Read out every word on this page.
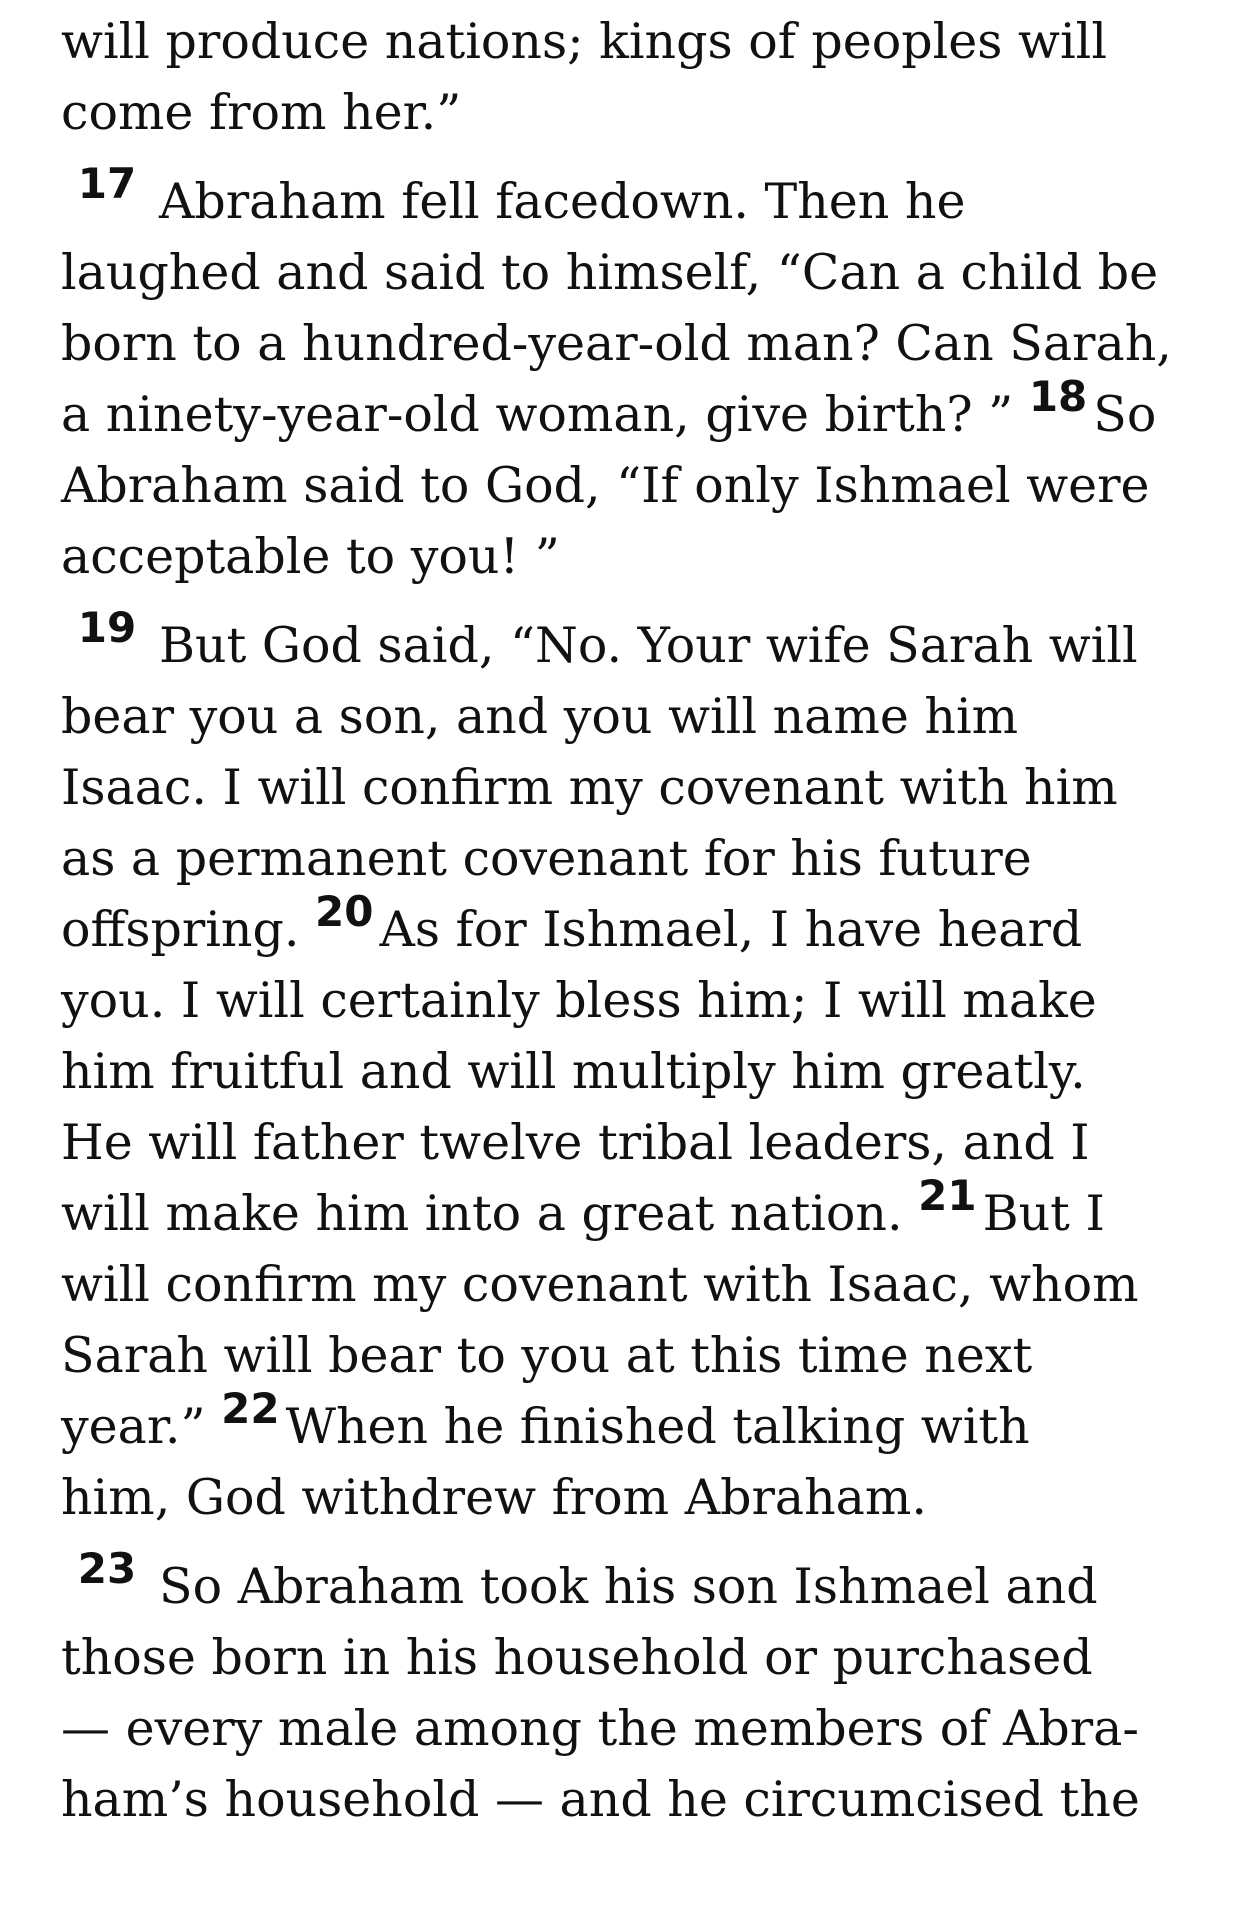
will produce nations; kings of peoples will
come from her.”
17 Abraham fell facedown. Then he
laughed and said to himself, “Can a child be
born to a hundred-year-old man? Can Sarah,
a ninety-year-old woman, give birth? ” 18 So
Abraham said to God, “If only Ishmael were
acceptable to you! ”
19 But God said, “No. Your wife Sarah will
bear you a son, and you will name him
Isaac. I will confirm my covenant with him
as a permanent covenant for his future
offspring. 20 As for Ishmael, I have heard
you. I will certainly bless him; I will make
him fruitful and will multiply him greatly.
He will father twelve tribal leaders, and I
will make him into a great nation. 21 But I
will confirm my covenant with Isaac, whom
Sarah will bear to you at this time next
year.” 22 When he finished talking with
him, God withdrew from Abraham.
23 So Abraham took his son Ishmael and
those born in his household or purchased
— every male among the members of Abra-
ham’s household — and he circumcised the
